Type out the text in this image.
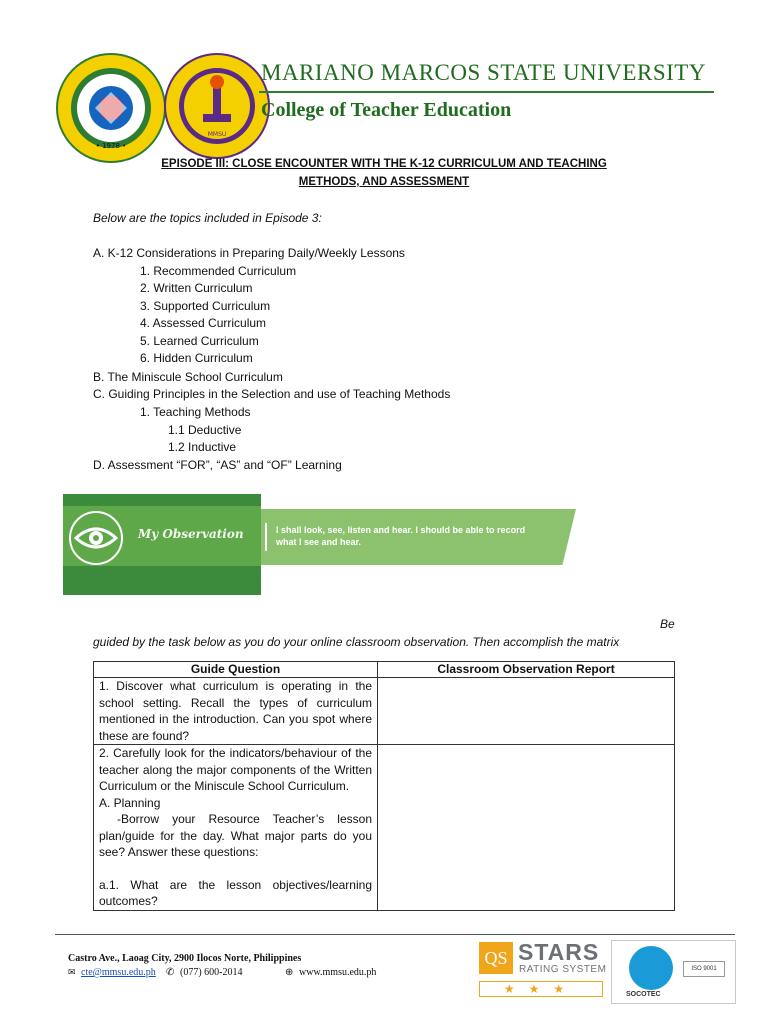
• 1978 •
MMSU
MARIANO MARCOS STATE UNIVERSITY
College of Teacher Education
EPISODE III: CLOSE ENCOUNTER WITH THE K-12 CURRICULUM AND TEACHING
METHODS, AND ASSESSMENT
Below are the topics included in Episode 3:
A. K-12 Considerations in Preparing Daily/Weekly Lessons
1. Recommended Curriculum
2. Written Curriculum
3. Supported Curriculum
4. Assessed Curriculum
5. Learned Curriculum
6. Hidden Curriculum
B. The Miniscule School Curriculum
C. Guiding Principles in the Selection and use of Teaching Methods
1. Teaching Methods
1.1 Deductive
1.2 Inductive
D. Assessment “FOR”, “AS” and “OF” Learning
My Observation	I shall look, see, listen and hear. I should be able to record
what I see and hear.
Be
guided by the task below as you do your online classroom observation. Then accomplish the matrix
Guide Question	Classroom Observation Report
1. Discover what curriculum is operating in the school setting. Recall the types of curriculum mentioned in the introduction. Can you spot where these are found?	

2. Carefully look for the indicators/behaviour of the teacher along the major components of the Written Curriculum or the Miniscule School Curriculum.
A. Planning
-Borrow your Resource Teacher’s lesson plan/guide for the day. What major parts do you see? Answer these questions:
a.1. What are the lesson objectives/learning outcomes?	

Castro Ave., Laoag City, 2900 Ilocos Norte, Philippines
✉ cte@mmsu.edu.ph ✆ (077) 600-2014	⊕ www.mmsu.edu.ph
QS STARS
RATING SYSTEM
★★★	SOCOTEC
ISO 9001
